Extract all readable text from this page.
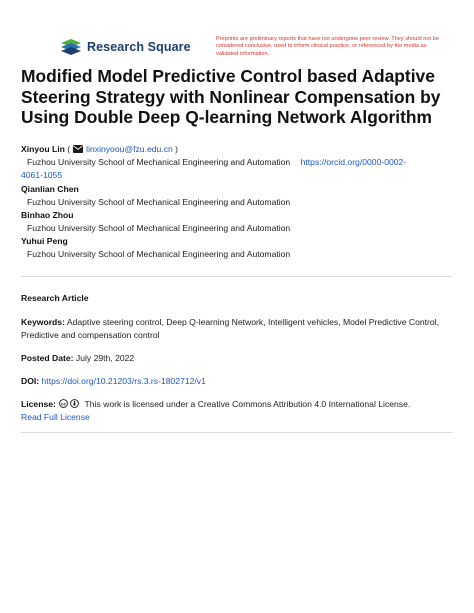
Research Square
Preprints are preliminary reports that have not undergone peer review. They should not be considered conclusive, used to inform clinical practice, or referenced by the media as validated information.
Modified Model Predictive Control based Adaptive Steering Strategy with Nonlinear Compensation by Using Double Deep Q-learning Network Algorithm
Xinyou Lin ( linxinyoou@fzu.edu.cn )
Fuzhou University School of Mechanical Engineering and Automation https://orcid.org/0000-0002-
4061-1055
Qianlian Chen
Fuzhou University School of Mechanical Engineering and Automation
Binhao Zhou
Fuzhou University School of Mechanical Engineering and Automation
Yuhui Peng
Fuzhou University School of Mechanical Engineering and Automation
Research Article
Keywords: Adaptive steering control, Deep Q-learning Network, Intelligent vehicles, Model Predictive Control, Predictive and compensation control
Posted Date: July 29th, 2022
DOI: https://doi.org/10.21203/rs.3.rs-1802712/v1
License: cc This work is licensed under a Creative Commons Attribution 4.0 International License.
Read Full License
